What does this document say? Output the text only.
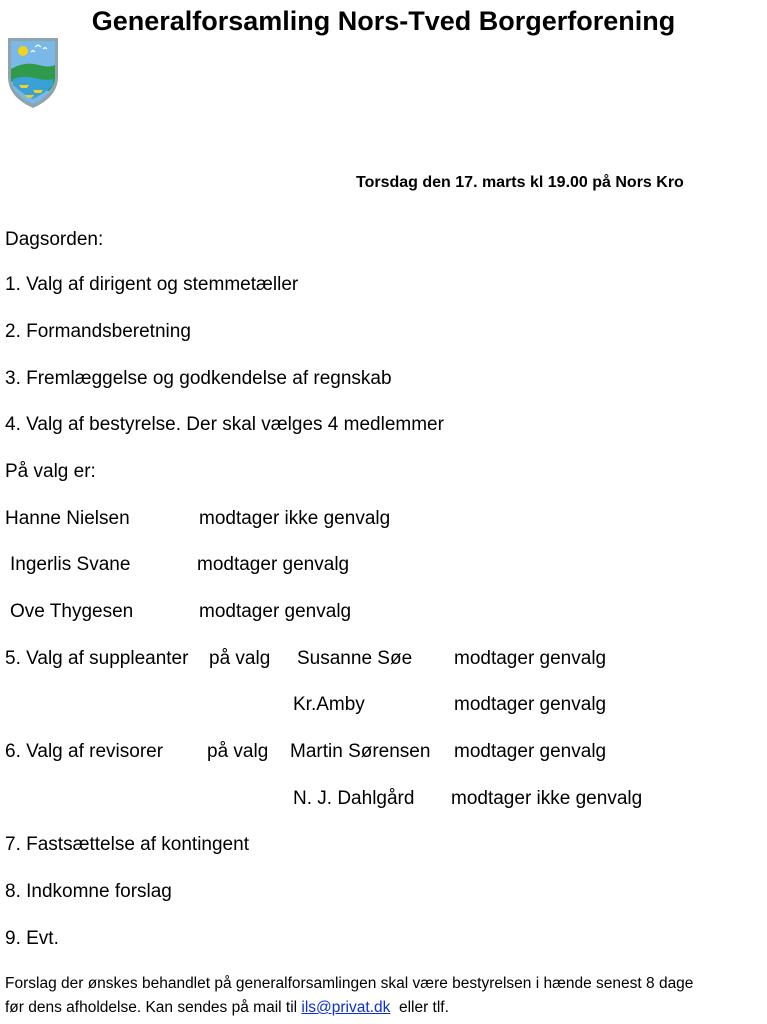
Generalforsamling Nors-Tved Borgerforening
Torsdag den 17. marts kl 19.00 på Nors Kro
Dagsorden:
1. Valg af dirigent og stemmetæller
2. Formandsberetning
3. Fremlæggelse og godkendelse af regnskab
4. Valg af bestyrelse. Der skal vælges 4 medlemmer
På valg er:
Hanne Nielsen	modtager ikke genvalg
Ingerlis Svane	modtager genvalg
Ove Thygesen	modtager genvalg
5. Valg af suppleanter på valg Susanne Søe modtager genvalg
Kr.Amby	modtager genvalg
6. Valg af revisorer på valg Martin Sørensen modtager genvalg
N. J. Dahlgård modtager ikke genvalg
7. Fastsættelse af kontingent
8. Indkomne forslag
9. Evt.
Forslag der ønskes behandlet på generalforsamlingen skal være bestyrelsen i hænde senest 8 dage
før dens afholdelse. Kan sendes på mail til ils@privat.dk  eller tlf.
